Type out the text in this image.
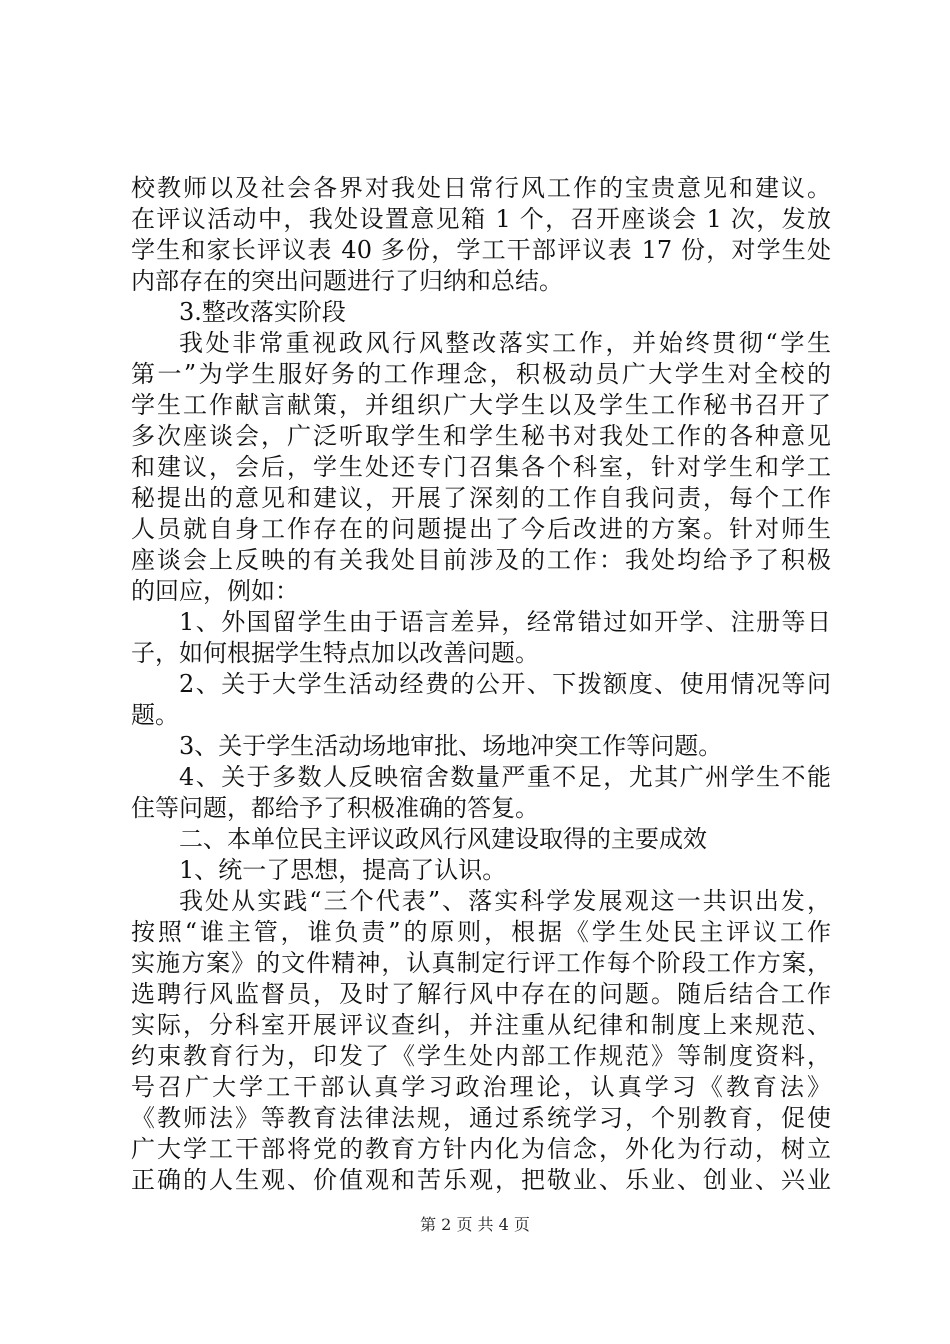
校教师以及社会各界对我处日常行风工作的宝贵意见和建议。
在评议活动中，我处设置意见箱 1 个，召开座谈会 1 次，发放
学生和家长评议表 40 多份，学工干部评议表 17 份，对学生处
内部存在的突出问题进行了归纳和总结。
3.整改落实阶段
我处非常重视政风行风整改落实工作，并始终贯彻“学生
第一”为学生服好务的工作理念，积极动员广大学生对全校的
学生工作献言献策，并组织广大学生以及学生工作秘书召开了
多次座谈会，广泛听取学生和学生秘书对我处工作的各种意见
和建议，会后，学生处还专门召集各个科室，针对学生和学工
秘提出的意见和建议，开展了深刻的工作自我问责，每个工作
人员就自身工作存在的问题提出了今后改进的方案。针对师生
座谈会上反映的有关我处目前涉及的工作：我处均给予了积极
的回应，例如：
1、外国留学生由于语言差异，经常错过如开学、注册等日
子，如何根据学生特点加以改善问题。
2、关于大学生活动经费的公开、下拨额度、使用情况等问
题。
3、关于学生活动场地审批、场地冲突工作等问题。
4、关于多数人反映宿舍数量严重不足，尤其广州学生不能
住等问题，都给予了积极准确的答复。
二、本单位民主评议政风行风建设取得的主要成效
1、统一了思想，提高了认识。
我处从实践“三个代表”、落实科学发展观这一共识出发，
按照“谁主管，谁负责”的原则，根据《学生处民主评议工作
实施方案》的文件精神，认真制定行评工作每个阶段工作方案，
选聘行风监督员，及时了解行风中存在的问题。随后结合工作
实际，分科室开展评议查纠，并注重从纪律和制度上来规范、
约束教育行为，印发了《学生处内部工作规范》等制度资料，
号召广大学工干部认真学习政治理论，认真学习《教育法》
《教师法》等教育法律法规，通过系统学习，个别教育，促使
广大学工干部将党的教育方针内化为信念，外化为行动，树立
正确的人生观、价值观和苦乐观，把敬业、乐业、创业、兴业
第 2 页 共 4 页
